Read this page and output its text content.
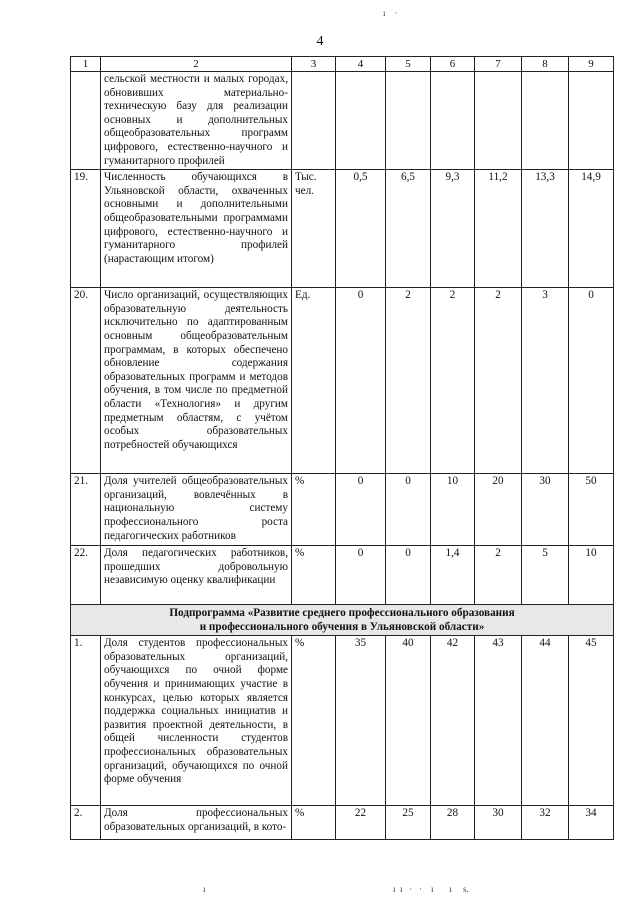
ı    ·
4
1	2	3	4	5	6	7	8	9
	сельской местности и малых городах, обновивших материально-техническую базу для реализации основных и дополнительных общеобразовательных программ цифрового, естественно-научного и гуманитарного профилей							
19.	Численность обучающихся в Ульяновской области, охваченных основными и дополнительными общеобразовательными программами цифрового, естественно-научного и гуманитарного профилей (нарастающим итогом)	Тыс. чел.	0,5	6,5	9,3	11,2	13,3	14,9
20.	Число организаций, осуществляющих образовательную деятельность исключительно по адаптированным основным общеобразовательным программам, в которых обеспечено обновление содержания образовательных программ и методов обучения, в том числе по предметной области «Технология» и другим предметным областям, с учётом особых образовательных потребностей обучающихся	Ед.	0	2	2	2	3	0
21.	Доля учителей общеобразовательных организаций, вовлечённых в национальную систему профессионального роста педагогических работников	%	0	0	10	20	30	50
22.	Доля педагогических работников, прошедших добровольную независимую оценку квалификации	%	0	0	1,4	2	5	10

Подпрограмма «Развитие среднего профессионального образования
и профессионального обучения в Ульяновской области»								

1.	Доля студентов профессиональных образовательных организаций, обучающихся по очной форме обучения и принимающих участие в конкурсах, целью которых является поддержка социальных инициатив и развития проектной деятельности, в общей численности студентов профессиональных образовательных организаций, обучающихся по очной форме обучения	%	35	40	42	43	44	45
2.	Доля профессиональных образовательных организаций, в кото-	%	22	25	28	30	32	34
ı	ı  ı   ·   ·    ı       ı     s.
